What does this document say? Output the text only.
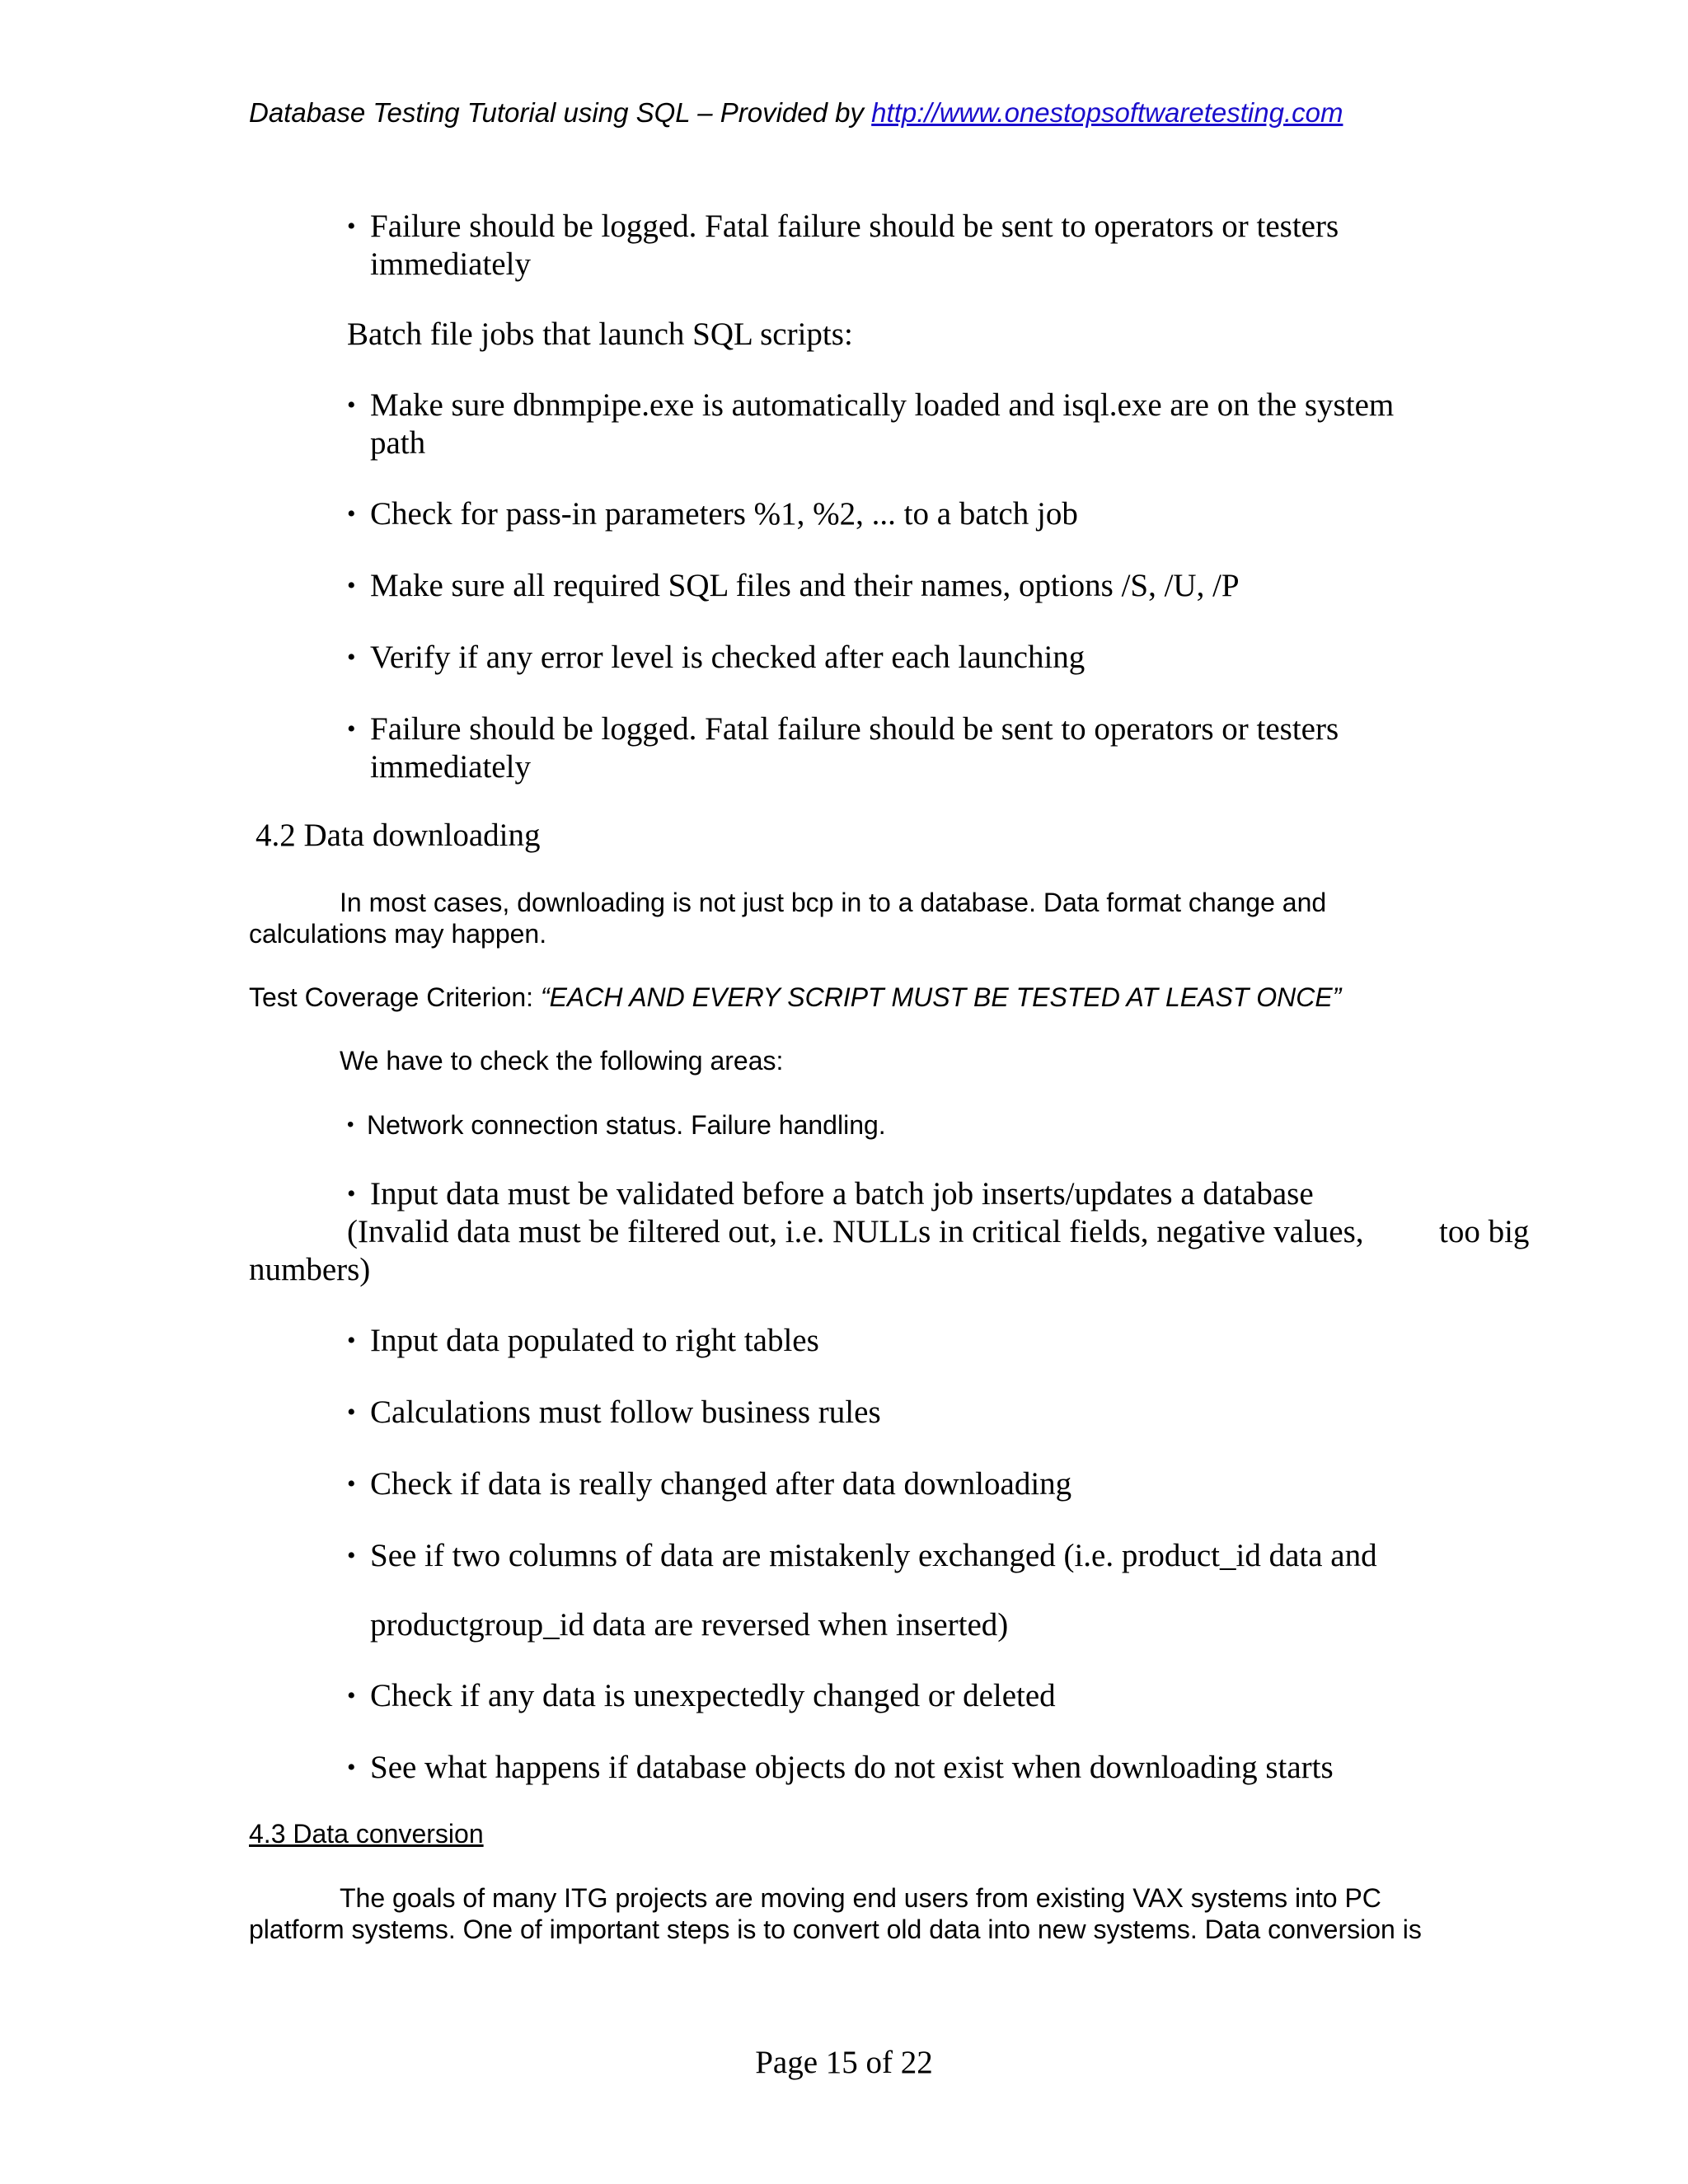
Database Testing Tutorial using SQL – Provided by http://www.onestopsoftwaretesting.com
• Failure should be logged. Fatal failure should be sent to operators or testers
immediately
Batch file jobs that launch SQL scripts:
• Make sure dbnmpipe.exe is automatically loaded and isql.exe are on the system
path
• Check for pass-in parameters %1, %2, ... to a batch job
• Make sure all required SQL files and their names, options /S, /U, /P
• Verify if any error level is checked after each launching
• Failure should be logged. Fatal failure should be sent to operators or testers
immediately
4.2 Data downloading
In most cases, downloading is not just bcp in to a database. Data format change and
calculations may happen.
Test Coverage Criterion: “EACH AND EVERY SCRIPT MUST BE TESTED AT LEAST ONCE”
We have to check the following areas:
• Network connection status. Failure handling.
• Input data must be validated before a batch job inserts/updates a database
(Invalid data must be filtered out, i.e. NULLs in critical fields, negative values, too big
numbers)
• Input data populated to right tables
• Calculations must follow business rules
• Check if data is really changed after data downloading
• See if two columns of data are mistakenly exchanged (i.e. product_id data and
productgroup_id data are reversed when inserted)
• Check if any data is unexpectedly changed or deleted
• See what happens if database objects do not exist when downloading starts
4.3 Data conversion
The goals of many ITG projects are moving end users from existing VAX systems into PC
platform systems. One of important steps is to convert old data into new systems. Data conversion is
Page 15 of 22
